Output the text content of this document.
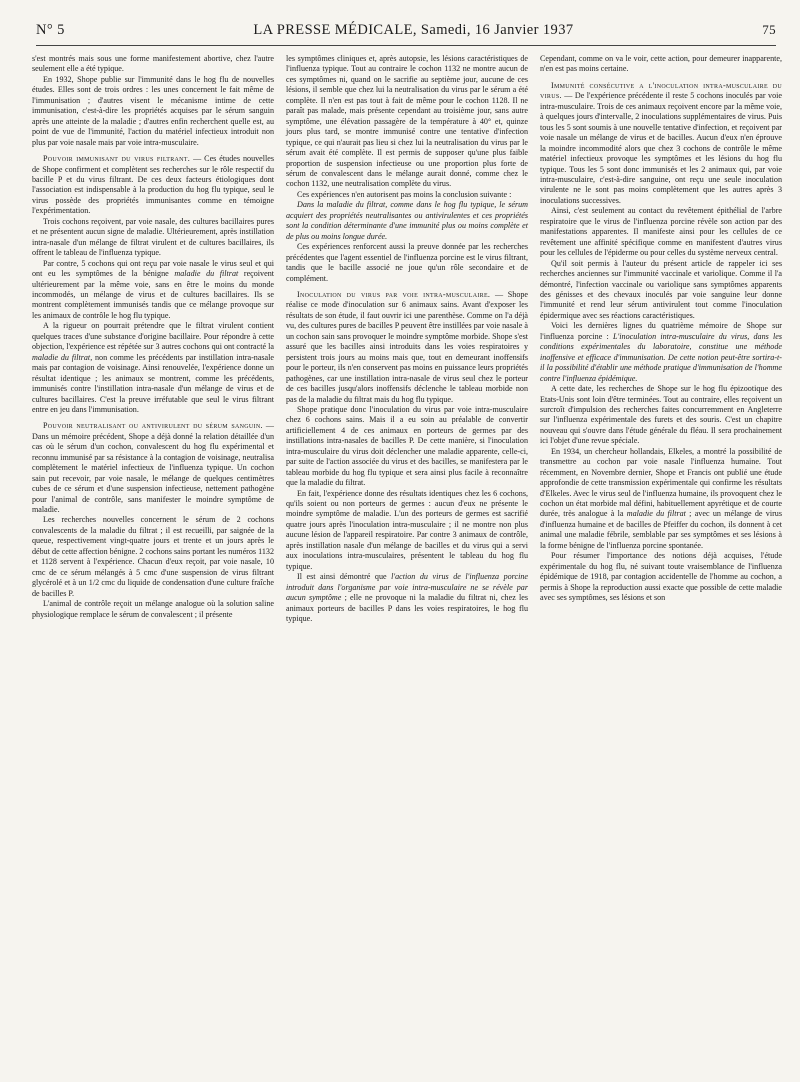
N° 5	LA PRESSE MÉDICALE, Samedi, 16 Janvier 1937	75

s'est montrés mais sous une forme manifestement abortive, chez l'autre seulement elle a été typique.

En 1932, Shope publie sur l'immunité dans le hog flu de nouvelles études. Elles sont de trois ordres : les unes concernent le fait même de l'immunisation ; d'autres visent le mécanisme intime de cette immunisation, c'est-à-dire les propriétés acquises par le sérum sanguin après une atteinte de la maladie ; d'autres enfin recherchent quelle est, au point de vue de l'immunité, l'action du matériel infectieux introduit non plus par voie nasale mais par voie intra-musculaire.

Pouvoir immunisant du virus filtrant. — Ces études nouvelles de Shope confirment et complètent ses recherches sur le rôle respectif du bacille P et du virus filtrant. De ces deux facteurs étiologiques dont l'association est indispensable à la production du hog flu typique, seul le virus possède des propriétés immunisantes comme en témoigne l'expérimentation.

Trois cochons reçoivent, par voie nasale, des cultures bacillaires pures et ne présentent aucun signe de maladie. Ultérieurement, après instillation intra-nasale d'un mélange de filtrat virulent et de cultures bacillaires, ils offrent le tableau de l'influenza typique.

Par contre, 5 cochons qui ont reçu par voie nasale le virus seul et qui ont eu les symptômes de la bénigne maladie du filtrat reçoivent ultérieurement par la même voie, sans en être le moins du monde incommodés, un mélange de virus et de cultures bacillaires. Ils se montrent complètement immunisés tandis que ce mélange provoque sur les animaux de contrôle le hog flu typique.

A la rigueur on pourrait prétendre que le filtrat virulent contient quelques traces d'une substance d'origine bacillaire. Pour répondre à cette objection, l'expérience est répétée sur 3 autres cochons qui ont contracté la maladie du filtrat, non comme les précédents par instillation intra-nasale mais par contagion de voisinage. Ainsi renouvelée, l'expérience donne un résultat identique ; les animaux se montrent, comme les précédents, immunisés contre l'instillation intra-nasale d'un mélange de virus et de cultures bacillaires. C'est la preuve irréfutable que seul le virus filtrant entre en jeu dans l'immunisation.

Pouvoir neutralisant ou antivirulent du sérum sanguin. — Dans un mémoire précédent, Shope a déjà donné la relation détaillée d'un cas où le sérum d'un cochon, convalescent du hog flu expérimental et reconnu immunisé par sa résistance à la contagion de voisinage, neutralisa complètement le matériel infectieux de l'influenza typique. Un cochon sain put recevoir, par voie nasale, le mélange de quelques centimètres cubes de ce sérum et d'une suspension infectieuse, nettement pathogène pour l'animal de contrôle, sans manifester le moindre symptôme de maladie.

Les recherches nouvelles concernent le sérum de 2 cochons convalescents de la maladie du filtrat ; il est recueilli, par saignée de la queue, respectivement vingt-quatre jours et trente et un jours après le début de cette affection bénigne. 2 cochons sains portant les numéros 1132 et 1128 servent à l'expérience. Chacun d'eux reçoit, par voie nasale, 10 cmc de ce sérum mélangés à 5 cmc d'une suspension de virus filtrant glycérolé et à un 1/2 cmc du liquide de condensation d'une culture fraîche de bacilles P.

L'animal de contrôle reçoit un mélange analogue où la solution saline physiologique remplace le sérum de convalescent ; il présente

les symptômes cliniques et, après autopsie, les lésions caractéristiques de l'influenza typique. Tout au contraire le cochon 1132 ne montre aucun de ces symptômes ni, quand on le sacrifie au septième jour, aucune de ces lésions, il semble que chez lui la neutralisation du virus par le sérum a été complète. Il n'en est pas tout à fait de même pour le cochon 1128. Il ne paraît pas malade, mais présente cependant au troisième jour, sans autre symptôme, une élévation passagère de la température à 40° et, quinze jours plus tard, se montre immunisé contre une tentative d'infection typique, ce qui n'aurait pas lieu si chez lui la neutralisation du virus par le sérum avait été complète. Il est permis de supposer qu'une plus faible proportion de suspension infectieuse ou une proportion plus forte de sérum de convalescent dans le mélange aurait donné, comme chez le cochon 1132, une neutralisation complète du virus.

Ces expériences n'en autorisent pas moins la conclusion suivante :

Dans la maladie du filtrat, comme dans le hog flu typique, le sérum acquiert des propriétés neutralisantes ou antivirulentes et ces propriétés sont la condition déterminante d'une immunité plus ou moins complète et de plus ou moins longue durée.

Ces expériences renforcent aussi la preuve donnée par les recherches précédentes que l'agent essentiel de l'influenza porcine est le virus filtrant, tandis que le bacille associé ne joue qu'un rôle secondaire et de complément.

Inoculation du virus par voie intra-musculaire. — Shope réalise ce mode d'inoculation sur 6 animaux sains. Avant d'exposer les résultats de son étude, il faut ouvrir ici une parenthèse. Comme on l'a déjà vu, des cultures pures de bacilles P peuvent être instillées par voie nasale à un cochon sain sans provoquer le moindre symptôme morbide. Shope s'est assuré que les bacilles ainsi introduits dans les voies respiratoires y persistent trois jours au moins mais que, tout en demeurant inoffensifs pour le porteur, ils n'en conservent pas moins en puissance leurs propriétés pathogènes, car une instillation intra-nasale de virus seul chez le porteur de ces bacilles jusqu'alors inoffensifs déclenche le tableau morbide non pas de la maladie du filtrat mais du hog flu typique.

Shope pratique donc l'inoculation du virus par voie intra-musculaire chez 6 cochons sains. Mais il a eu soin au préalable de convertir artificiellement 4 de ces animaux en porteurs de germes par des instillations intra-nasales de bacilles P. De cette manière, si l'inoculation intra-musculaire du virus doit déclencher une maladie apparente, celle-ci, par suite de l'action associée du virus et des bacilles, se manifestera par le tableau morbide du hog flu typique et sera ainsi plus facile à reconnaître que la maladie du filtrat.

En fait, l'expérience donne des résultats identiques chez les 6 cochons, qu'ils soient ou non porteurs de germes : aucun d'eux ne présente le moindre symptôme de maladie. L'un des porteurs de germes est sacrifié quatre jours après l'inoculation intra-musculaire ; il ne montre non plus aucune lésion de l'appareil respiratoire. Par contre 3 animaux de contrôle, après instillation nasale d'un mélange de bacilles et du virus qui a servi aux inoculations intra-musculaires, présentent le tableau du hog flu typique.

Il est ainsi démontré que l'action du virus de l'influenza porcine introduit dans l'organisme par voie intra-musculaire ne se révèle par aucun symptôme ; elle ne provoque ni la maladie du filtrat ni, chez les animaux porteurs de bacilles P dans les voies respiratoires, le hog flu typique.

Cependant, comme on va le voir, cette action, pour demeurer inapparente, n'en est pas moins certaine.

Immunité consécutive a l'inoculation intra-musculaire du virus. — De l'expérience précédente il reste 5 cochons inoculés par voie intra-musculaire. Trois de ces animaux reçoivent encore par la même voie, à quelques jours d'intervalle, 2 inoculations supplémentaires de virus. Puis tous les 5 sont soumis à une nouvelle tentative d'infection, et reçoivent par voie nasale un mélange de virus et de bacilles. Aucun d'eux n'en éprouve la moindre incommodité alors que chez 3 cochons de contrôle le même matériel infectieux provoque les symptômes et les lésions du hog flu typique. Tous les 5 sont donc immunisés et les 2 animaux qui, par voie intra-musculaire, c'est-à-dire sanguine, ont reçu une seule inoculation virulente ne le sont pas moins complètement que les autres après 3 inoculations successives.

Ainsi, c'est seulement au contact du revêtement épithélial de l'arbre respiratoire que le virus de l'influenza porcine révèle son action par des manifestations apparentes. Il manifeste ainsi pour les cellules de ce revêtement une affinité spécifique comme en manifestent d'autres virus pour les cellules de l'épiderme ou pour celles du système nerveux central.

Qu'il soit permis à l'auteur du présent article de rappeler ici ses recherches anciennes sur l'immunité vaccinale et variolique. Comme il l'a démontré, l'infection vaccinale ou variolique sans symptômes apparents des génisses et des chevaux inoculés par voie sanguine leur donne l'immunité et rend leur sérum antivirulent tout comme l'inoculation épidermique avec ses réactions caractéristiques.

Voici les dernières lignes du quatrième mémoire de Shope sur l'influenza porcine : L'inoculation intra-musculaire du virus, dans les conditions expérimentales du laboratoire, constitue une méthode inoffensive et efficace d'immunisation. De cette notion peut-être sortira-t-il la possibilité d'établir une méthode pratique d'immunisation de l'homme contre l'influenza épidémique.

A cette date, les recherches de Shope sur le hog flu épizootique des Etats-Unis sont loin d'être terminées. Tout au contraire, elles reçoivent un surcroît d'impulsion des recherches faites concurremment en Angleterre sur l'influenza expérimentale des furets et des souris. C'est un chapitre nouveau qui s'ouvre dans l'étude générale du fléau. Il sera prochainement ici l'objet d'une revue spéciale.

En 1934, un chercheur hollandais, Elkeles, a montré la possibilité de transmettre au cochon par voie nasale l'influenza humaine. Tout récemment, en Novembre dernier, Shope et Francis ont publié une étude approfondie de cette transmission expérimentale qui confirme les résultats d'Elkeles. Avec le virus seul de l'influenza humaine, ils provoquent chez le cochon un état morbide mal défini, habituellement apyrétique et de courte durée, très analogue à la maladie du filtrat ; avec un mélange de virus d'influenza humaine et de bacilles de Pfeiffer du cochon, ils donnent à cet animal une maladie fébrile, semblable par ses symptômes et ses lésions à la forme bénigne de l'influenza porcine spontanée.

Pour résumer l'importance des notions déjà acquises, l'étude expérimentale du hog flu, né suivant toute vraisemblance de l'influenza épidémique de 1918, par contagion accidentelle de l'homme au cochon, a permis à Shope la reproduction aussi exacte que possible de cette maladie avec ses symptômes, ses lésions et son
